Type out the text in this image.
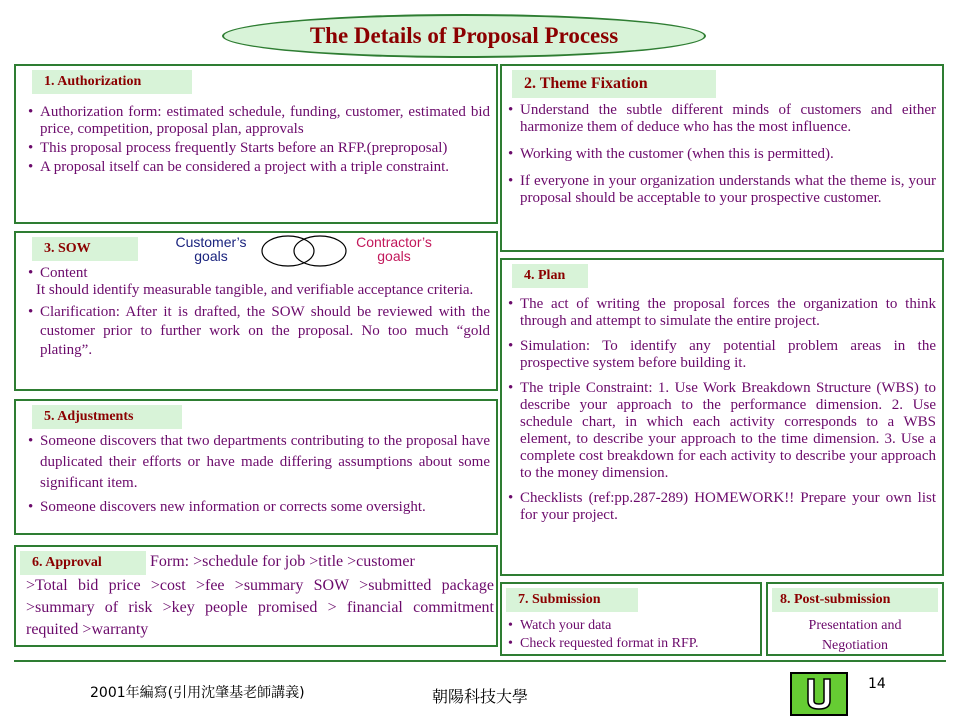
The Details of Proposal Process
1. Authorization
• Authorization form: estimated schedule, funding, customer, estimated bid price, competition, proposal plan, approvals
• This proposal process frequently Starts before an RFP.(preproposal)
• A proposal itself can be considered a project with a triple constraint.
2. Theme Fixation
• Understand the subtle different minds of customers and either harmonize them of deduce who has the most influence.
• Working with the customer (when this is permitted).
• If everyone in your organization understands what the theme is, your proposal should be acceptable to your prospective customer.
3. SOW	Customer’s
goals
Contractor’s
goals
• Content
It should identify measurable tangible, and verifiable acceptance criteria.
• Clarification: After it is drafted, the SOW should be reviewed with the customer prior to further work on the proposal. No too much “gold plating”.
4. Plan
• The act of writing the proposal forces the organization to think through and attempt to simulate the entire project.
• Simulation: To identify any potential problem areas in the prospective system before building it.
• The triple Constraint: 1. Use Work Breakdown Structure (WBS) to describe your approach to the performance dimension. 2. Use schedule chart, in which each activity corresponds to a WBS element, to describe your approach to the time dimension. 3. Use a complete cost breakdown for each activity to describe your approach to the money dimension.
• Checklists (ref:pp.287-289) HOMEWORK!! Prepare your own list for your project.
5. Adjustments
• Someone discovers that two departments contributing to the proposal have duplicated their efforts or have made differing assumptions about some significant item.
• Someone discovers new information or corrects some oversight.
6. Approval	Form: >schedule for job >title >customer
>Total bid price >cost >fee >summary SOW >submitted package >summary of risk >key people promised > financial commitment requited >warranty
7. Submission
• Watch your data
• Check requested format in RFP.
8. Post-submission
Presentation and
Negotiation
2001年編寫(引用沈肇基老師講義)	朝陽科技大學
14
